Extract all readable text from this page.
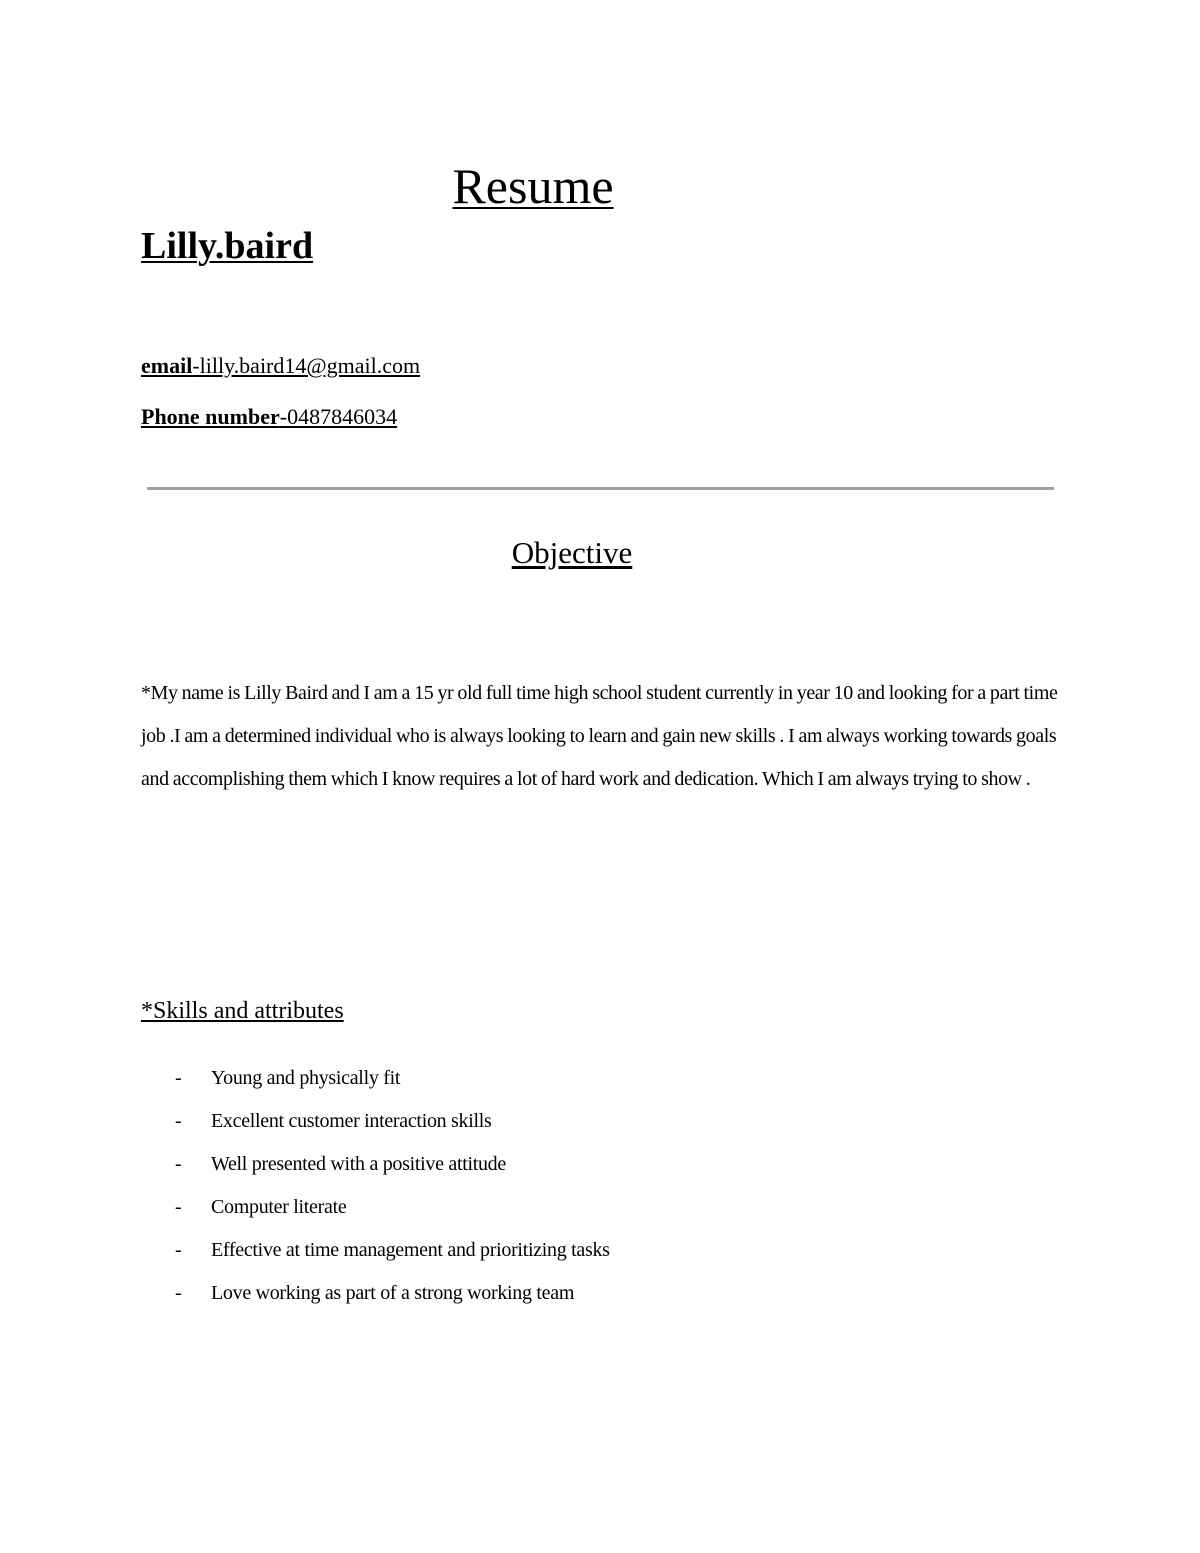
Resume
Lilly.baird
email-lilly.baird14@gmail.com
Phone number-0487846034
Objective
*My name is Lilly Baird and I am a 15 yr old full time high school student currently in year 10 and looking for a part time job .I am a determined individual who is always looking to learn and gain new skills . I am always working towards goals and accomplishing them which I know requires a lot of hard work and dedication. Which I am always trying to show .
*Skills and attributes
- Young and physically fit
- Excellent customer interaction skills
- Well presented with a positive attitude
- Computer literate
- Effective at time management and prioritizing tasks
- Love working as part of a strong working team
